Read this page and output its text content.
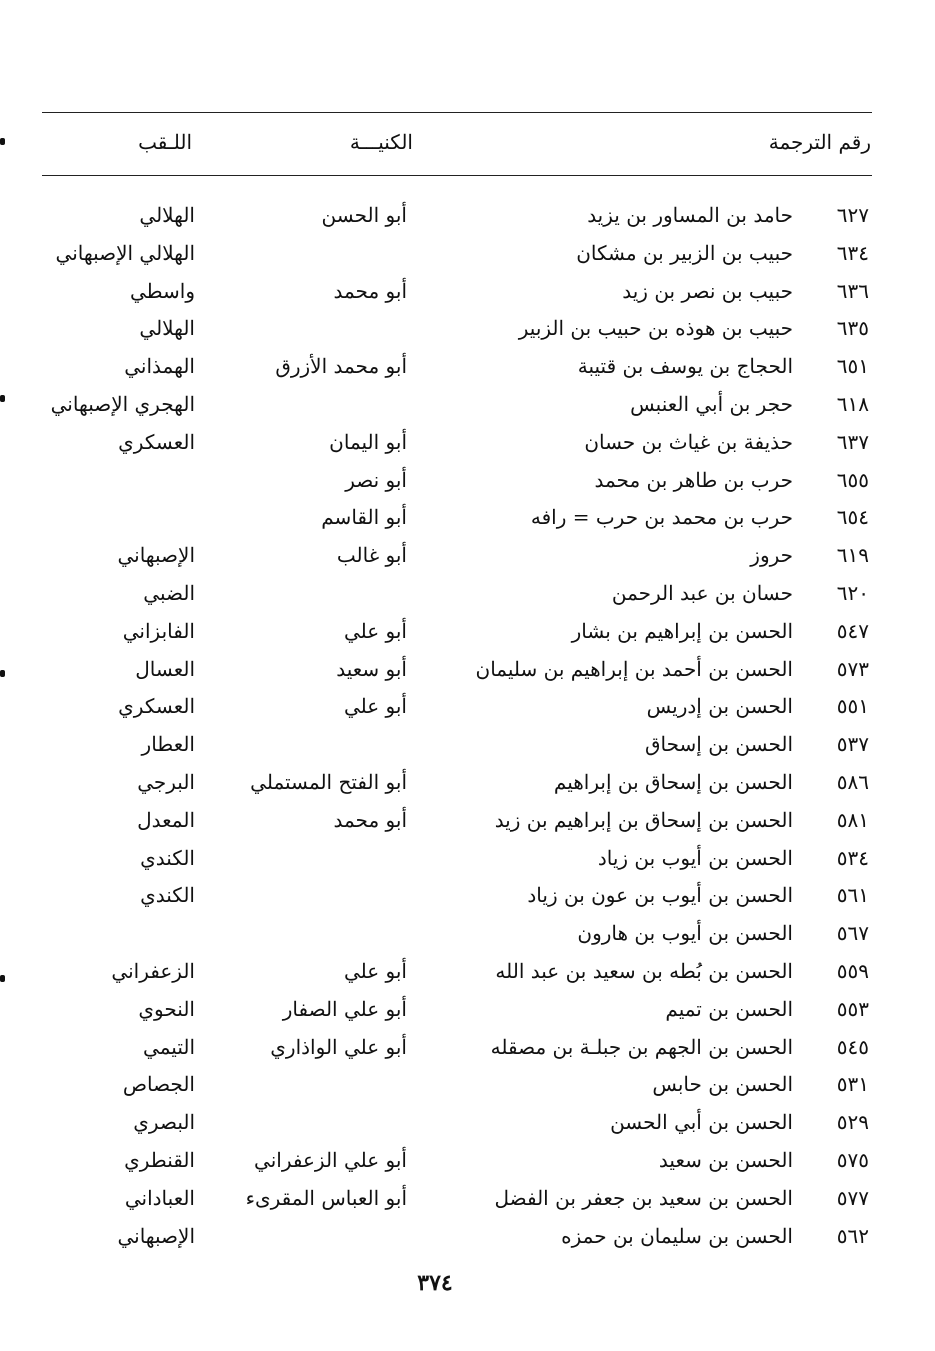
رقم الترجمة
الكنيـــة
اللـقب
٦٢٧
حامد بن المساور بن يزيد
أبو الحسن
الهلالي
٦٣٤
حبيب بن الزبير بن مشكان
الهلالي الإصبهاني
٦٣٦
حبيب بن نصر بن زيد
أبو محمد
واسطي
٦٣٥
حبيب بن هوذه بن حبيب بن الزبير
الهلالي
٦٥١
الحجاج بن يوسف بن قتيبة
أبو محمد الأزرق
الهمذاني
٦١٨
حجر بن أبي العنبس
الهجري الإصبهاني
٦٣٧
حذيفة بن غياث بن حسان
أبو اليمان
العسكري
٦٥٥
حرب بن طاهر بن محمد
أبو نصر
٦٥٤
حرب بن محمد بن حرب = رافه
أبو القاسم
٦١٩
حروز
أبو غالب
الإصبهاني
٦٢٠
حسان بن عبد الرحمن
الضبي
٥٤٧
الحسن بن إبراهيم بن بشار
أبو علي
الفابزاني
٥٧٣
الحسن بن أحمد بن إبراهيم بن سليمان
أبو سعيد
العسال
٥٥١
الحسن بن إدريس
أبو علي
العسكري
٥٣٧
الحسن بن إسحاق
العطار
٥٨٦
الحسن بن إسحاق بن إبراهيم
أبو الفتح المستملي
البرجي
٥٨١
الحسن بن إسحاق بن إبراهيم بن زيد
أبو محمد
المعدل
٥٣٤
الحسن بن أيوب بن زياد
الكندي
٥٦١
الحسن بن أيوب بن عون بن زياد
الكندي
٥٦٧
الحسن بن أيوب بن هارون
٥٥٩
الحسن بن بُطه بن سعيد بن عبد الله
أبو علي
الزعفراني
٥٥٣
الحسن بن تميم
أبو علي الصفار
النحوي
٥٤٥
الحسن بن الجهم بن جبلـة بن مصقله
أبو علي الواذاري
التيمي
٥٣١
الحسن بن حابس
الجصاص
٥٢٩
الحسن بن أبي الحسن
البصري
٥٧٥
الحسن بن سعيد
أبو علي الزعفراني
القنطري
٥٧٧
الحسن بن سعيد بن جعفر بن الفضل
أبو العباس المقرىء
العباداني
٥٦٢
الحسن بن سليمان بن حمزه
الإصبهاني
٣٧٤
